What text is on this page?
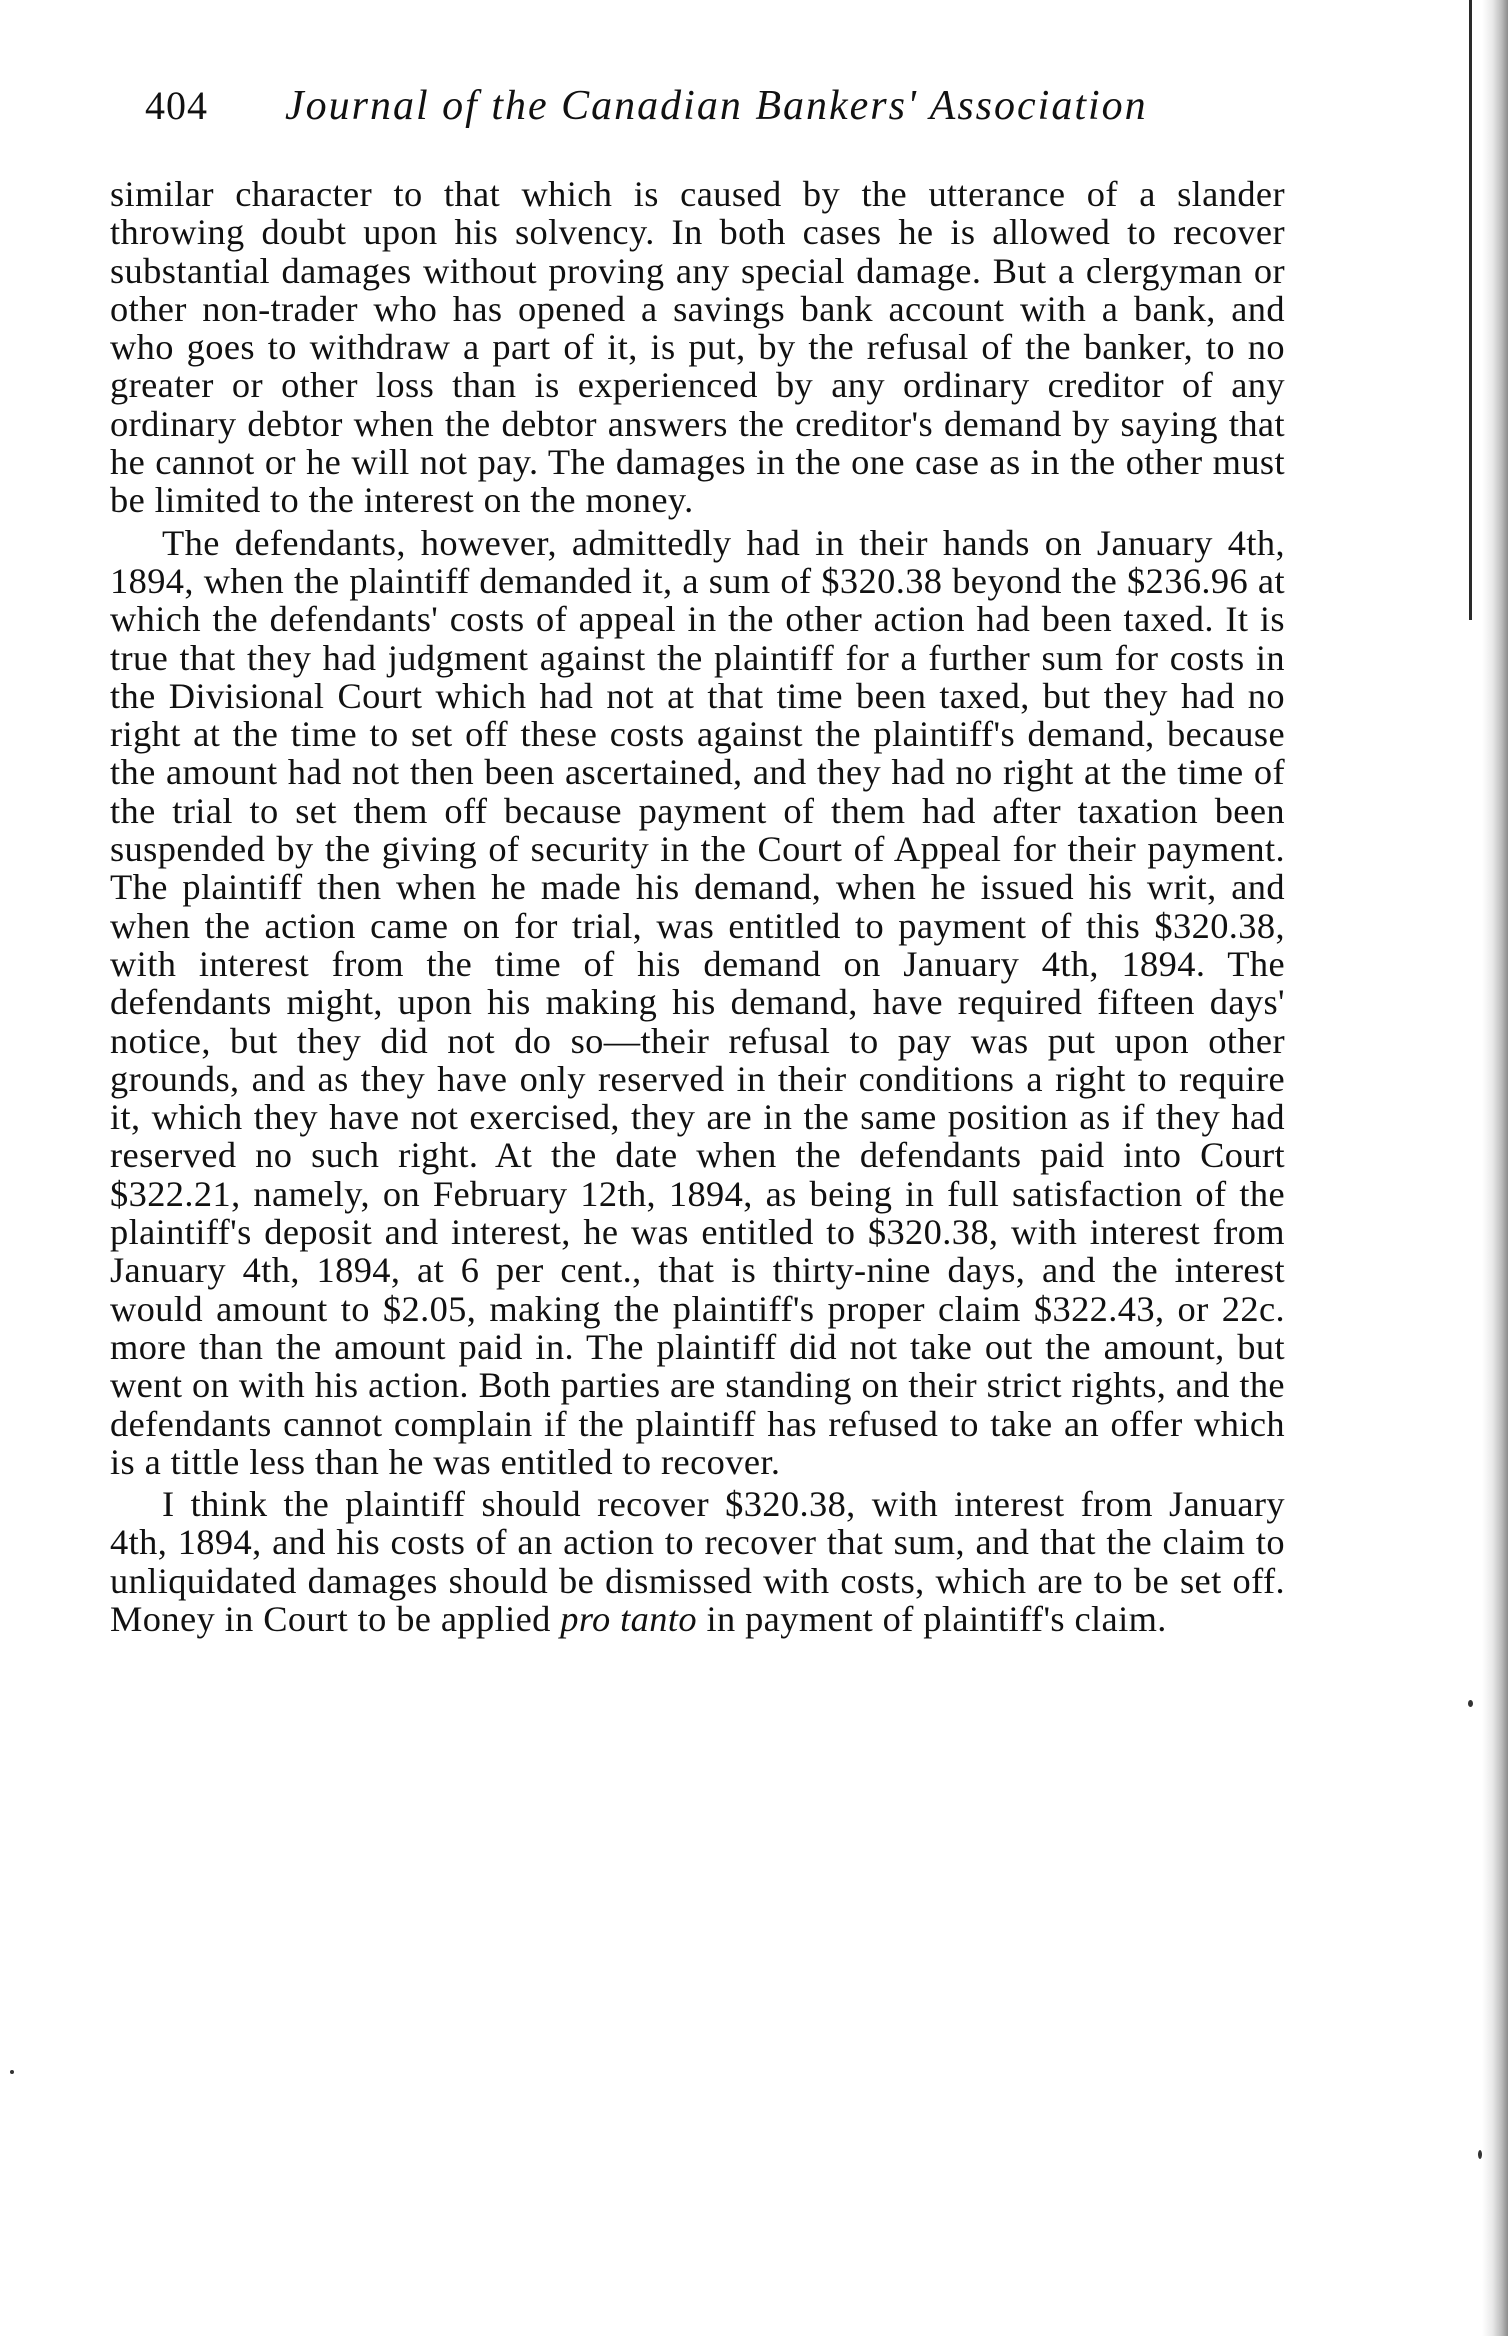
404 Journal of the Canadian Bankers' Association

similar character to that which is caused by the utterance of a slander throwing doubt upon his solvency. In both cases he is allowed to recover substantial damages without proving any special damage. But a clergyman or other non-trader who has opened a savings bank account with a bank, and who goes to withdraw a part of it, is put, by the refusal of the banker, to no greater or other loss than is experienced by any ordinary creditor of any ordinary debtor when the debtor answers the creditor's demand by saying that he cannot or he will not pay. The damages in the one case as in the other must be limited to the interest on the money.

The defendants, however, admittedly had in their hands on January 4th, 1894, when the plaintiff demanded it, a sum of $320.38 beyond the $236.96 at which the defendants' costs of appeal in the other action had been taxed. It is true that they had judgment against the plaintiff for a further sum for costs in the Divisional Court which had not at that time been taxed, but they had no right at the time to set off these costs against the plaintiff's demand, because the amount had not then been ascertained, and they had no right at the time of the trial to set them off because payment of them had after taxation been suspended by the giving of security in the Court of Appeal for their payment. The plaintiff then when he made his demand, when he issued his writ, and when the action came on for trial, was entitled to payment of this $320.38, with interest from the time of his demand on January 4th, 1894. The defendants might, upon his making his demand, have required fifteen days' notice, but they did not do so—their refusal to pay was put upon other grounds, and as they have only reserved in their conditions a right to require it, which they have not exercised, they are in the same position as if they had reserved no such right. At the date when the defendants paid into Court $322.21, namely, on February 12th, 1894, as being in full satisfaction of the plaintiff's deposit and interest, he was entitled to $320.38, with interest from January 4th, 1894, at 6 per cent., that is thirty-nine days, and the interest would amount to $2.05, making the plaintiff's proper claim $322.43, or 22c. more than the amount paid in. The plaintiff did not take out the amount, but went on with his action. Both parties are standing on their strict rights, and the defendants cannot complain if the plaintiff has refused to take an offer which is a tittle less than he was entitled to recover.

I think the plaintiff should recover $320.38, with interest from January 4th, 1894, and his costs of an action to recover that sum, and that the claim to unliquidated damages should be dismissed with costs, which are to be set off. Money in Court to be applied pro tanto in payment of plaintiff's claim.
